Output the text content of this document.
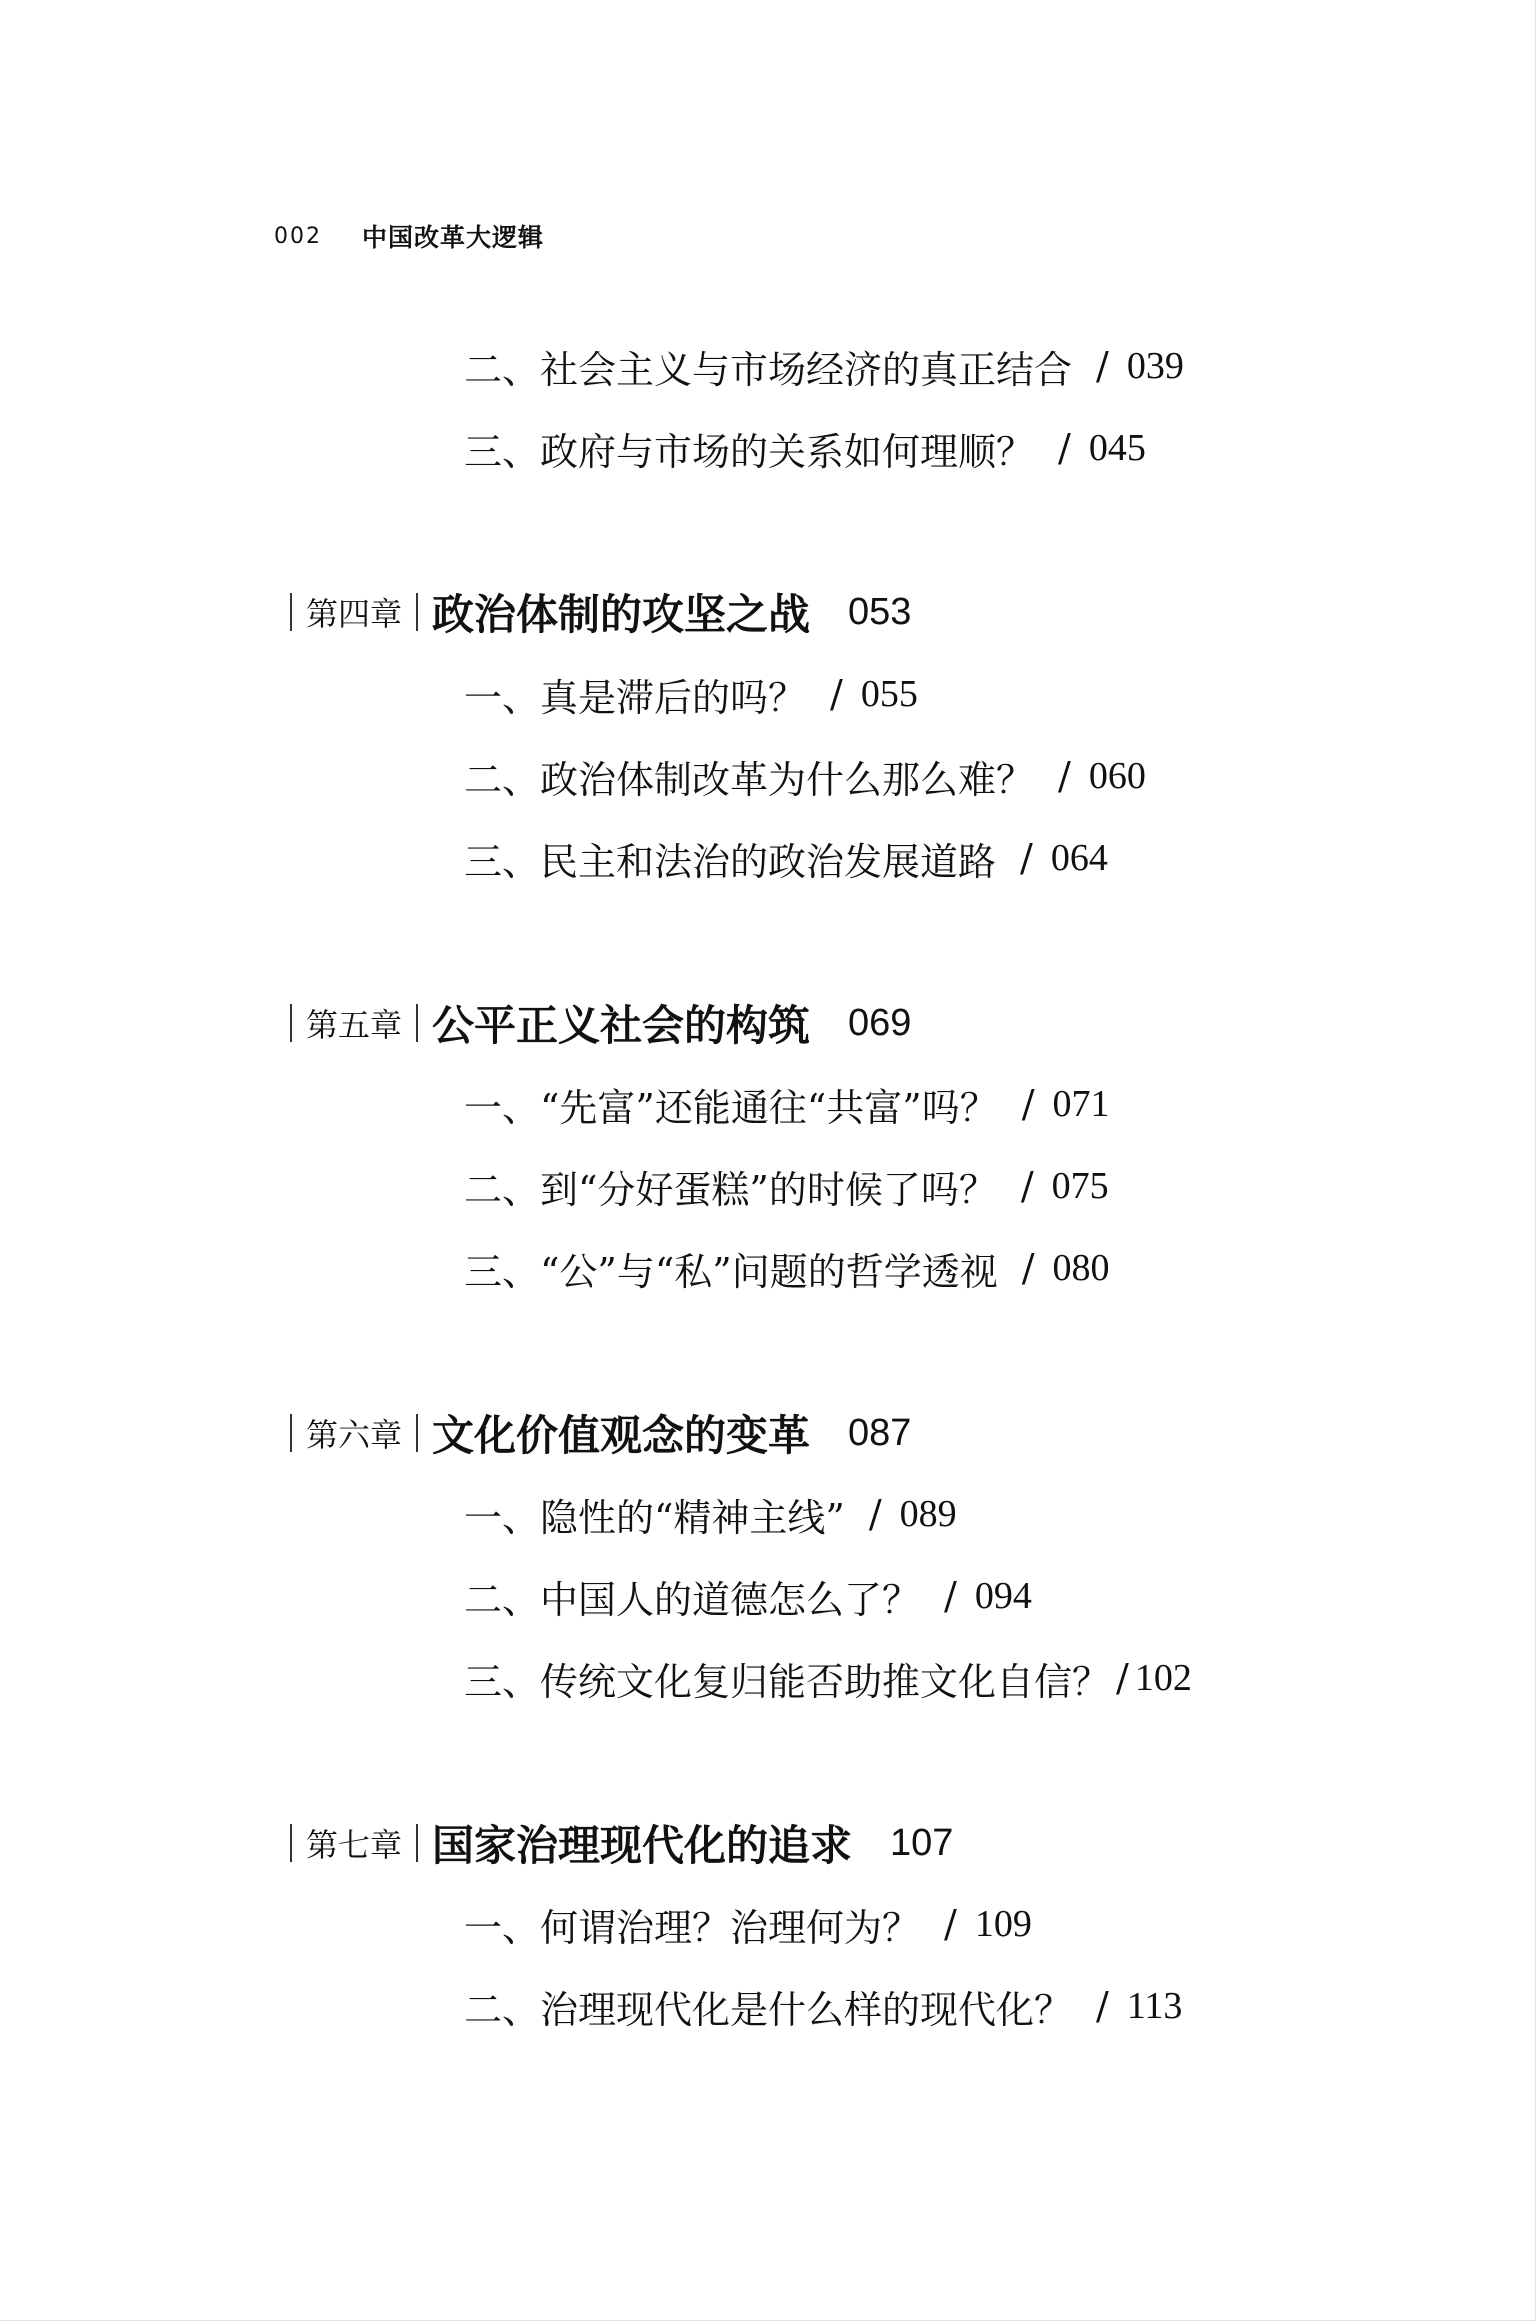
002 中国改革大逻辑
二、社会主义与市场经济的真正结合 / 039
三、政府与市场的关系如何理顺？ / 045
第四章 政治体制的攻坚之战 053
一、真是滞后的吗？ / 055
二、政治体制改革为什么那么难？ / 060
三、民主和法治的政治发展道路 / 064
第五章 公平正义社会的构筑 069
一、“先富”还能通往“共富”吗？ / 071
二、到“分好蛋糕”的时候了吗？ / 075
三、“公”与“私”问题的哲学透视 / 080
第六章 文化价值观念的变革 087
一、隐性的“精神主线” / 089
二、中国人的道德怎么了？ / 094
三、传统文化复归能否助推文化自信？ / 102
第七章 国家治理现代化的追求 107
一、何谓治理？治理何为？ / 109
二、治理现代化是什么样的现代化？ / 113
